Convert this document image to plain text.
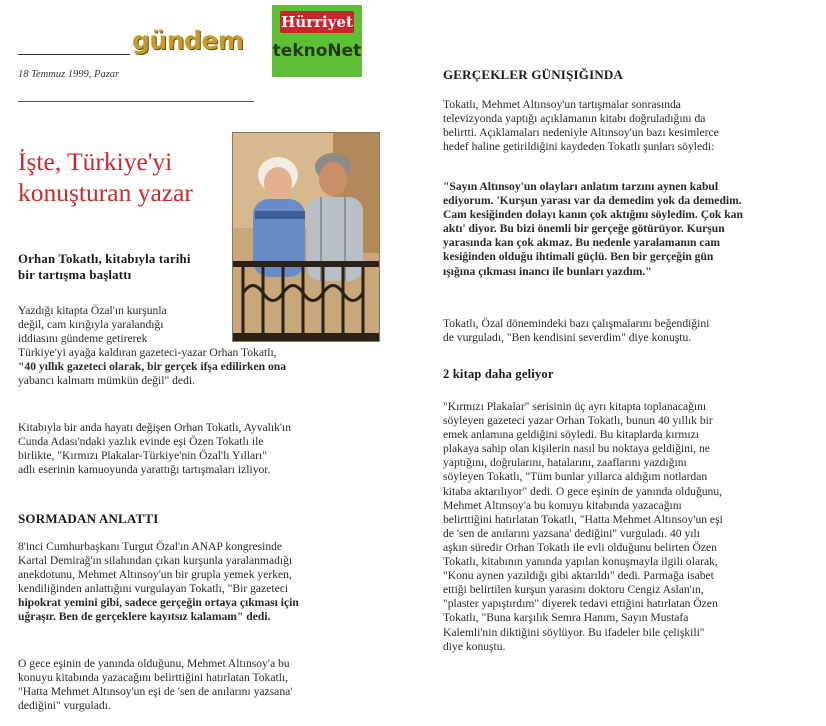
gündem
18 Temmuz 1999, Pazar
Hürriyet
teknoNet
İşte, Türkiye'yi
konuşturan yazar
Orhan Tokatlı, kitabıyla tarihi
bir tartışma başlattı
Yazdığı kitapta Özal'ın kurşunla
değil, cam kırığıyla yaralandığı
iddiasını gündeme getirerek
Türkiye'yi ayağa kaldıran gazeteci-yazar Orhan Tokatlı,
"40 yıllık gazeteci olarak, bir gerçek ifşa edilirken ona
yabancı kalmam mümkün değil" dedi.
Kitabıyla bir anda hayatı değişen Orhan Tokatlı, Ayvalık'ın
Cunda Adası'ndaki yazlık evinde eşi Özen Tokatlı ile
birlikte, "Kırmızı Plakalar-Türkiye'nin Özal'lı Yılları"
adlı eserinin kamuoyunda yarattığı tartışmaları izliyor.
SORMADAN ANLATTI
8'inci Cumhurbaşkanı Turgut Özal'ın ANAP kongresinde
Kartal Demirağ'ın silahından çıkan kurşunla yaralanmadığı
anekdotunu, Mehmet Altınsoy'un bir grupla yemek yerken,
kendiliğinden anlattığını vurgulayan Tokatlı, "Bir gazeteci
hipokrat yemini gibi, sadece gerçeğin ortaya çıkması için
uğraşır. Ben de gerçeklere kayıtsız kalamam" dedi.
O gece eşinin de yanında olduğunu, Mehmet Altınsoy'a bu
konuyu kitabında yazacağını belirttiğini hatırlatan Tokatlı,
"Hatta Mehmet Altınsoy'un eşi de 'sen de anılarını yazsana'
dediğini" vurguladı.
GERÇEKLER GÜNIŞIĞINDA
Tokatlı, Mehmet Altınsoy'un tartışmalar sonrasında
televizyonda yaptığı açıklamanın kitabı doğruladığını da
belirtti. Açıklamaları nedeniyle Altınsoy'un bazı kesimlerce
hedef haline getirildiğini kaydeden Tokatlı şunları söyledi:
"Sayın Altınsoy'un olayları anlatım tarzını aynen kabul
ediyorum. 'Kurşun yarası var da demedim yok da demedim.
Cam kesiğinden dolayı kanın çok aktığını söyledim. Çok kan
aktı' diyor. Bu bizi önemli bir gerçeğe götürüyor. Kurşun
yarasında kan çok akmaz. Bu nedenle yaralamanın cam
kesiğinden olduğu ihtimali güçlü. Ben bir gerçeğin gün
ışığına çıkması inancı ile bunları yazdım."
Tokatlı, Özal dönemindeki bazı çalışmalarını beğendiğini
de vurguladı, "Ben kendisini severdim" diye konuştu.
2 kitap daha geliyor
"Kırmızı Plakalar" serisinin üç ayrı kitapta toplanacağını
söyleyen gazeteci yazar Orhan Tokatlı, bunun 40 yıllık bir
emek anlamına geldiğini söyledi. Bu kitaplarda kırmızı
plakaya sahip olan kişilerin nasıl bu noktaya geldiğini, ne
yaptığını, doğrularını, hatalarını, zaaflarını yazdığını
söyleyen Tokatlı, "Tüm bunlar yıllarca aldığım notlardan
kitaba aktarılıyor" dedi. O gece eşinin de yanında olduğunu,
Mehmet Altınsoy'a bu konuyu kitabında yazacağını
belirttiğini hatırlatan Tokatlı, "Hatta Mehmet Altınsoy'un eşi
de 'sen de anılarını yazsana' dediğini" vurguladı. 40 yılı
aşkın süredir Orhan Tokatlı ile evli olduğunu belirten Özen
Tokatlı, kitabının yanında yapılan konuşmayla ilgili olarak,
"Konu aynen yazıldığı gibi aktarıldı" dedi. Parmağa isabet
ettiği belirtilen kurşun yarasını doktoru Cengiz Aslan'ın,
"plaster yapıştırdım" diyerek tedavi ettiğini hatırlatan Özen
Tokatlı, "Buna karşılık Semra Hanım, Sayın Mustafa
Kalemli'nin diktiğini söylüyor. Bu ifadeler bile çelişkili"
diye konuştu.
